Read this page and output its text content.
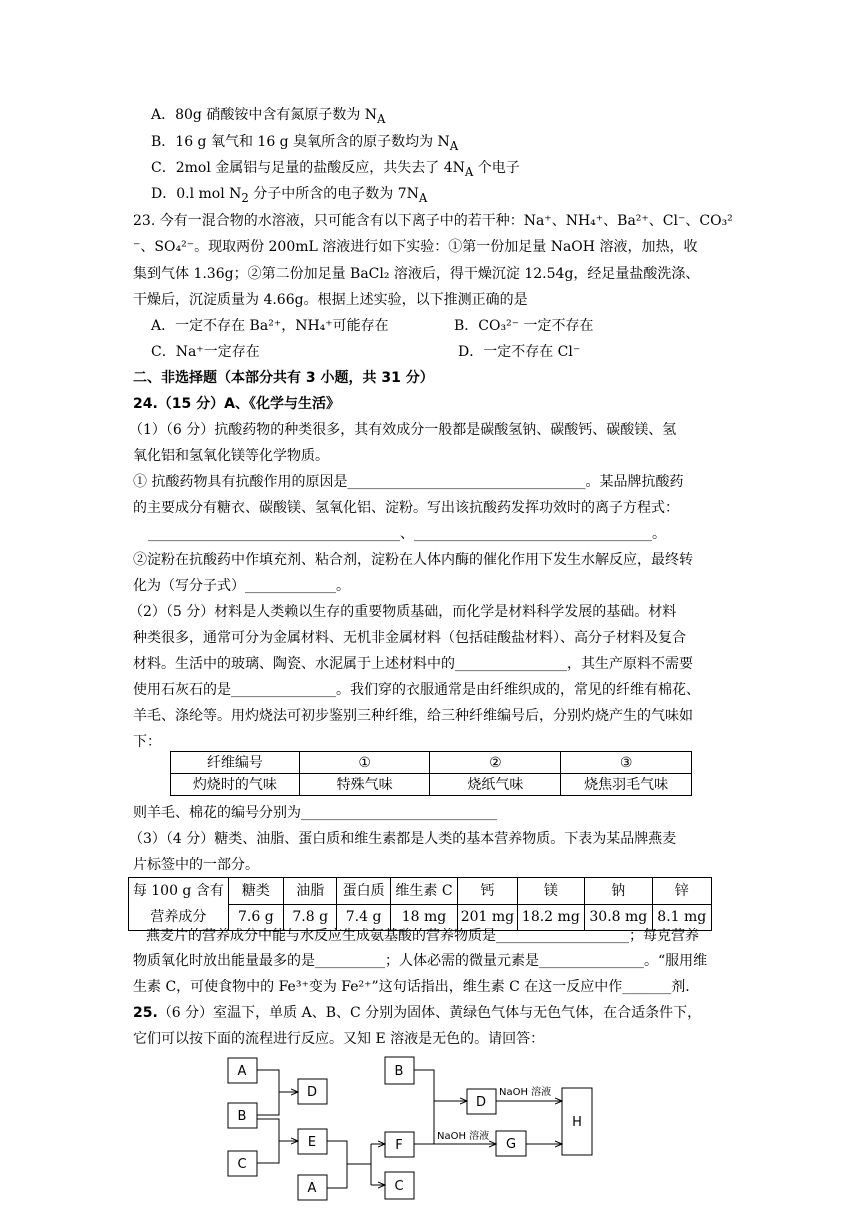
A．80g 硝酸铵中含有氮原子数为 $N_A$
B．16 g 氧气和 16 g 臭氧所含的原子数均为 $N_A$
C．2mol 金属铝与足量的盐酸反应，共失去了 $4N_A$ 个电子
D．0.l mol $N_2$ 分子中所含的电子数为 $7N_A$
23. 今有一混合物的水溶液，只可能含有以下离子中的若干种：Na⁺、NH₄⁺、Ba²⁺、Cl⁻、CO₃²
⁻、SO₄²⁻。现取两份 200mL 溶液进行如下实验：①第一份加足量 NaOH 溶液，加热，收
集到气体 1.36g；②第二份加足量 BaCl₂ 溶液后，得干燥沉淀 12.54g，经足量盐酸洗涤、
干燥后，沉淀质量为 4.66g。根据上述实验，以下推测正确的是
A．一定不存在 Ba²⁺，NH₄⁺可能存在	B．CO₃²⁻ 一定不存在
C．Na⁺一定存在	D．一定不存在 Cl⁻
二、非选择题（本部分共有 3 小题，共 31 分）
24.（15 分）A、《化学与生活》
（1）（6 分）抗酸药物的种类很多，其有效成分一般都是碳酸氢钠、碳酸钙、碳酸镁、氢
氧化铝和氢氧化镁等化学物质。
① 抗酸药物具有抗酸作用的原因是__________________________________。某品牌抗酸药
的主要成分有糖衣、碳酸镁、氢氧化铝、淀粉。写出该抗酸药发挥功效时的离子方程式：
____________________________________、__________________________________。
②淀粉在抗酸药中作填充剂、粘合剂，淀粉在人体内酶的催化作用下发生水解反应，最终转
化为（写分子式）_____________。
（2）（5 分）材料是人类赖以生存的重要物质基础，而化学是材料科学发展的基础。材料
种类很多，通常可分为金属材料、无机非金属材料（包括硅酸盐材料）、高分子材料及复合
材料。生活中的玻璃、陶瓷、水泥属于上述材料中的________________，其生产原料不需要
使用石灰石的是_______________。我们穿的衣服通常是由纤维织成的，常见的纤维有棉花、
羊毛、涤纶等。用灼烧法可初步鉴别三种纤维，给三种纤维编号后，分别灼烧产生的气味如
下：
纤维编号	①	②	③
灼烧时的气味	特殊气味	烧纸气味	烧焦羽毛气味
则羊毛、棉花的编号分别为____________________________
（3）（4 分）糖类、油脂、蛋白质和维生素都是人类的基本营养物质。下表为某品牌燕麦
片标签中的一部分。
每 100 g 含有
营养成分	糖类	油脂	蛋白质	维生素 C	钙	镁	钠	锌
	7.6 g	7.8 g	7.4 g	18 mg	201 mg	18.2 mg	30.8 mg	8.1 mg
燕麦片的营养成分中能与水反应生成氨基酸的营养物质是___________________；每克营养
物质氧化时放出能量最多的是__________；人体必需的微量元素是_______________。“服用维
生素 C，可使食物中的 Fe³⁺变为 Fe²⁺”这句话指出，维生素 C 在这一反应中作_______剂.
25.（6 分）室温下，单质 A、B、C 分别为固体、黄绿色气体与无色气体，在合适条件下，
它们可以按下面的流程进行反应。又知 E 溶液是无色的。请回答：
A
B
C
D
E
A
B
F
C
D
G
H
NaOH 溶液
NaOH 溶液
